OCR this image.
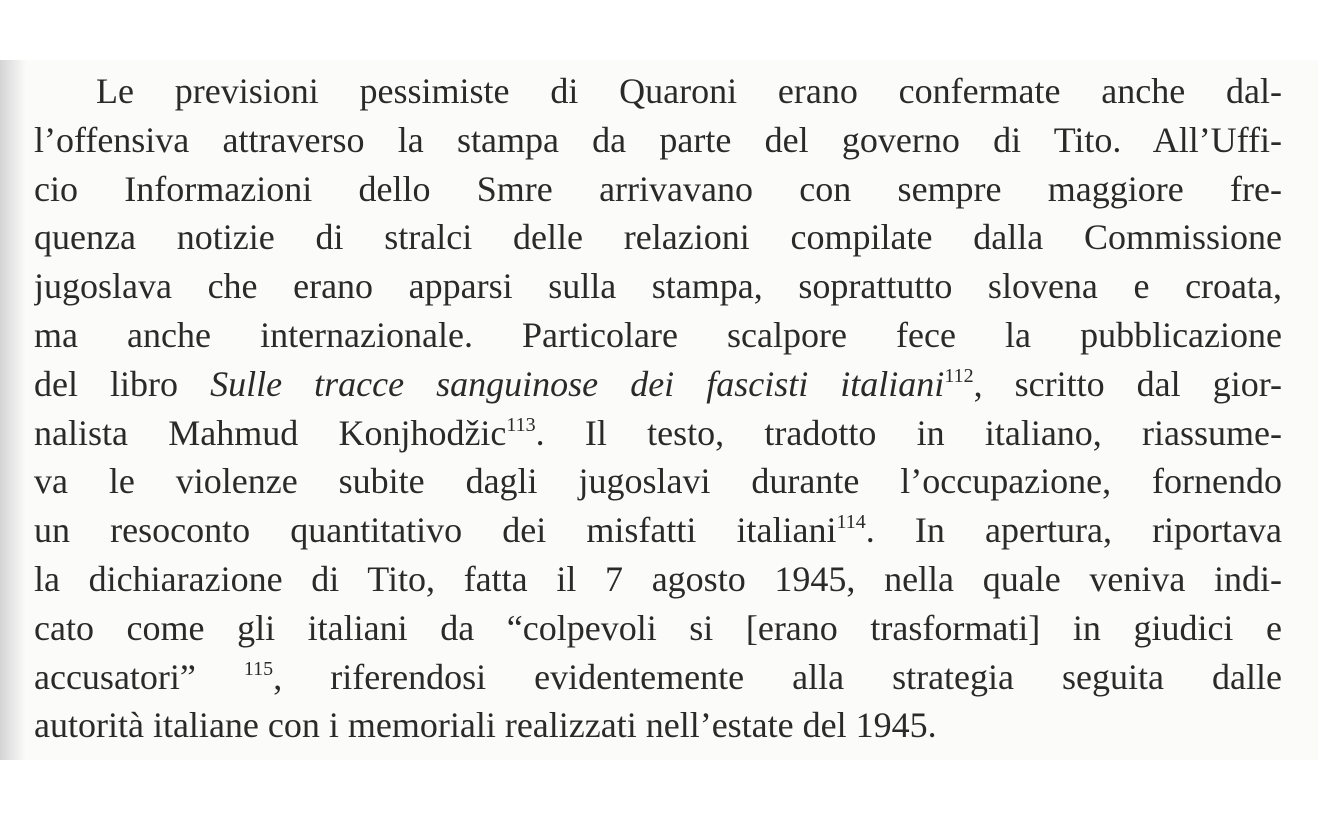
Le previsioni pessimiste di Quaroni erano confermate anche dal-
l’offensiva attraverso la stampa da parte del governo di Tito. All’Uffi-
cio Informazioni dello Smre arrivavano con sempre maggiore fre-
quenza notizie di stralci delle relazioni compilate dalla Commissione
jugoslava che erano apparsi sulla stampa, soprattutto slovena e croata,
ma anche internazionale. Particolare scalpore fece la pubblicazione
del libro Sulle tracce sanguinose dei fascisti italiani$^{112}$, scritto dal gior-
nalista Mahmud Konjhodžic$^{113}$. Il testo, tradotto in italiano, riassume-
va le violenze subite dagli jugoslavi durante l’occupazione, fornendo
un resoconto quantitativo dei misfatti italiani$^{114}$. In apertura, riportava
la dichiarazione di Tito, fatta il 7 agosto 1945, nella quale veniva indi-
cato come gli italiani da “colpevoli si [erano trasformati] in giudici e
accusatori” $^{115}$, riferendosi evidentemente alla strategia seguita dalle
autorità italiane con i memoriali realizzati nell’estate del 1945.
